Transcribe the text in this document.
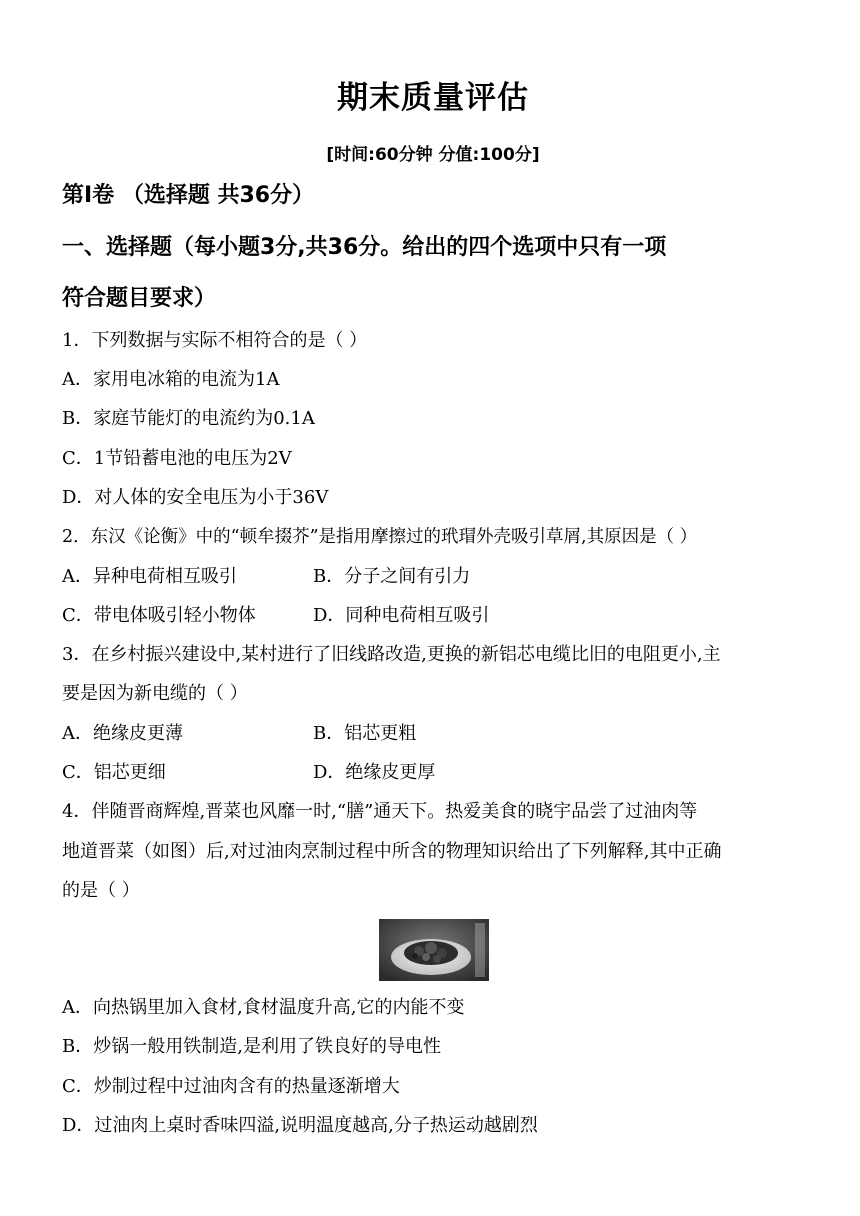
期末质量评估
[时间:60分钟 分值:100分]
第Ⅰ卷 （选择题 共36分）
一、选择题（每小题3分,共36分。给出的四个选项中只有一项
符合题目要求）
1．下列数据与实际不相符合的是（ ）
A．家用电冰箱的电流为1A
B．家庭节能灯的电流约为0.1A
C．1节铅蓄电池的电压为2V
D．对人体的安全电压为小于36V
2．东汉《论衡》中的“顿牟掇芥”是指用摩擦过的玳瑁外壳吸引草屑,其原因是（ ）
A．异种电荷相互吸引	B．分子之间有引力
C．带电体吸引轻小物体	D．同种电荷相互吸引
3．在乡村振兴建设中,某村进行了旧线路改造,更换的新铝芯电缆比旧的电阻更小,主
要是因为新电缆的（ ）
A．绝缘皮更薄	B．铝芯更粗
C．铝芯更细	D．绝缘皮更厚
4．伴随晋商辉煌,晋菜也风靡一时,“膳”通天下。热爱美食的晓宇品尝了过油肉等
地道晋菜（如图）后,对过油肉烹制过程中所含的物理知识给出了下列解释,其中正确
的是（ ）
A．向热锅里加入食材,食材温度升高,它的内能不变
B．炒锅一般用铁制造,是利用了铁良好的导电性
C．炒制过程中过油肉含有的热量逐渐增大
D．过油肉上桌时香味四溢,说明温度越高,分子热运动越剧烈
